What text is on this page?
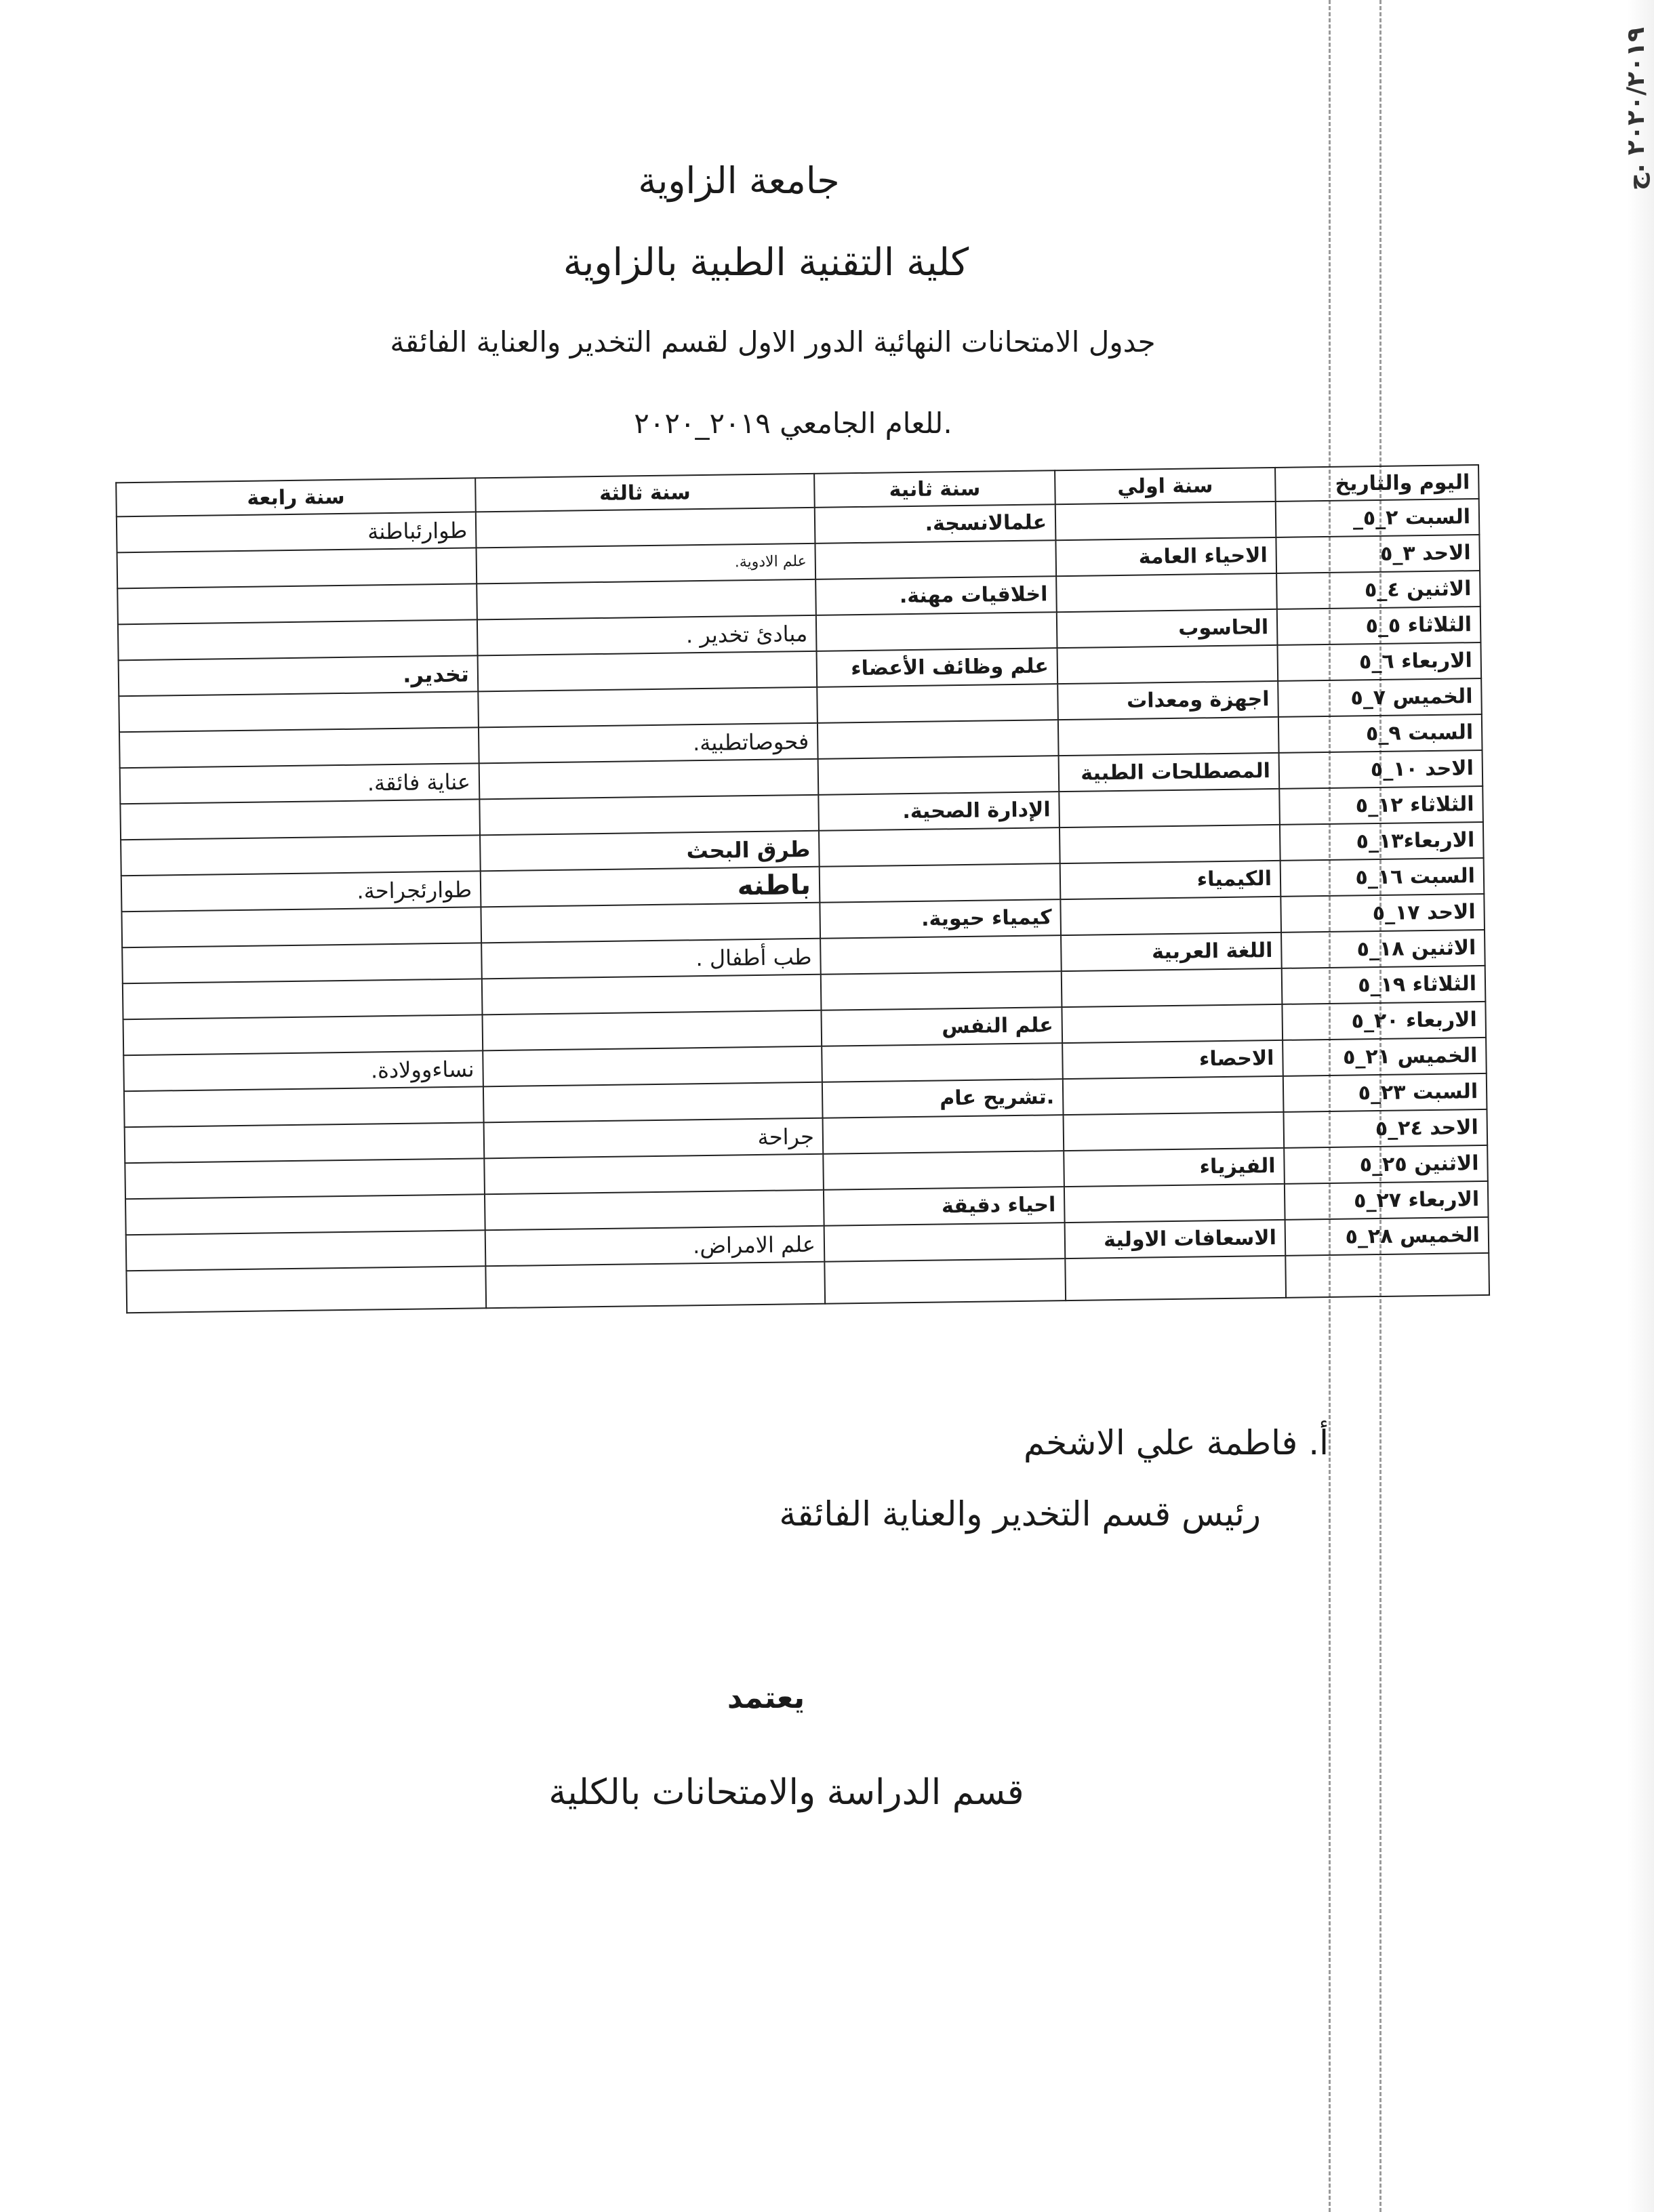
٢٠٢٠/٢٠١٩ .ج
جامعة الزاوية
كلية التقنية الطبية بالزاوية
جدول الامتحانات النهائية الدور الاول لقسم التخدير والعناية الفائقة
.للعام الجامعي ٢٠١٩_٢٠٢٠
اليوم والتاريخ	سنة اولي	سنة ثانية	سنة ثالثة	سنة رابعة
السبت ٢_٥_		علمالانسجة.		طوارئباطنة
الاحد ٣_٥	الاحياء العامة		علم الادوية.	
الاثنين ٤_٥		اخلاقيات مهنة.		
الثلاثاء ٥_٥	الحاسوب		مبادئ تخدير .	
الاربعاء ٦_٥		علم وظائف الأعضاء		تخدير.
الخميس ٧_٥	اجهزة ومعدات			
السبت ٩_٥			فحوصاتطبية.	
الاحد ١٠_٥	المصطلحات الطبية			عناية فائقة.
الثلاثاء ١٢_٥		الإدارة الصحية.		
الاربعاء١٣_٥			طرق البحث	
السبت ١٦_٥	الكيمياء		باطنه	طوارئجراحة.
الاحد ١٧_٥		كيمياء حيوية.		
الاثنين ١٨_٥	اللغة العربية		طب أطفال .	
الثلاثاء ١٩_٥				
الاربعاء ٢٠_٥		علم النفس		
الخميس ٢١_٥	الاحصاء			نساءوولادة.
السبت ٢٣_٥		.تشريح عام		
الاحد ٢٤_٥			جراحة	
الاثنين ٢٥_٥	الفيزياء			
الاربعاء ٢٧_٥		احياء دقيقة		
الخميس ٢٨_٥	الاسعافات الاولية		علم الامراض.	

أ. فاطمة علي الاشخم
رئيس قسم التخدير والعناية الفائقة
يعتمد
قسم الدراسة والامتحانات بالكلية
